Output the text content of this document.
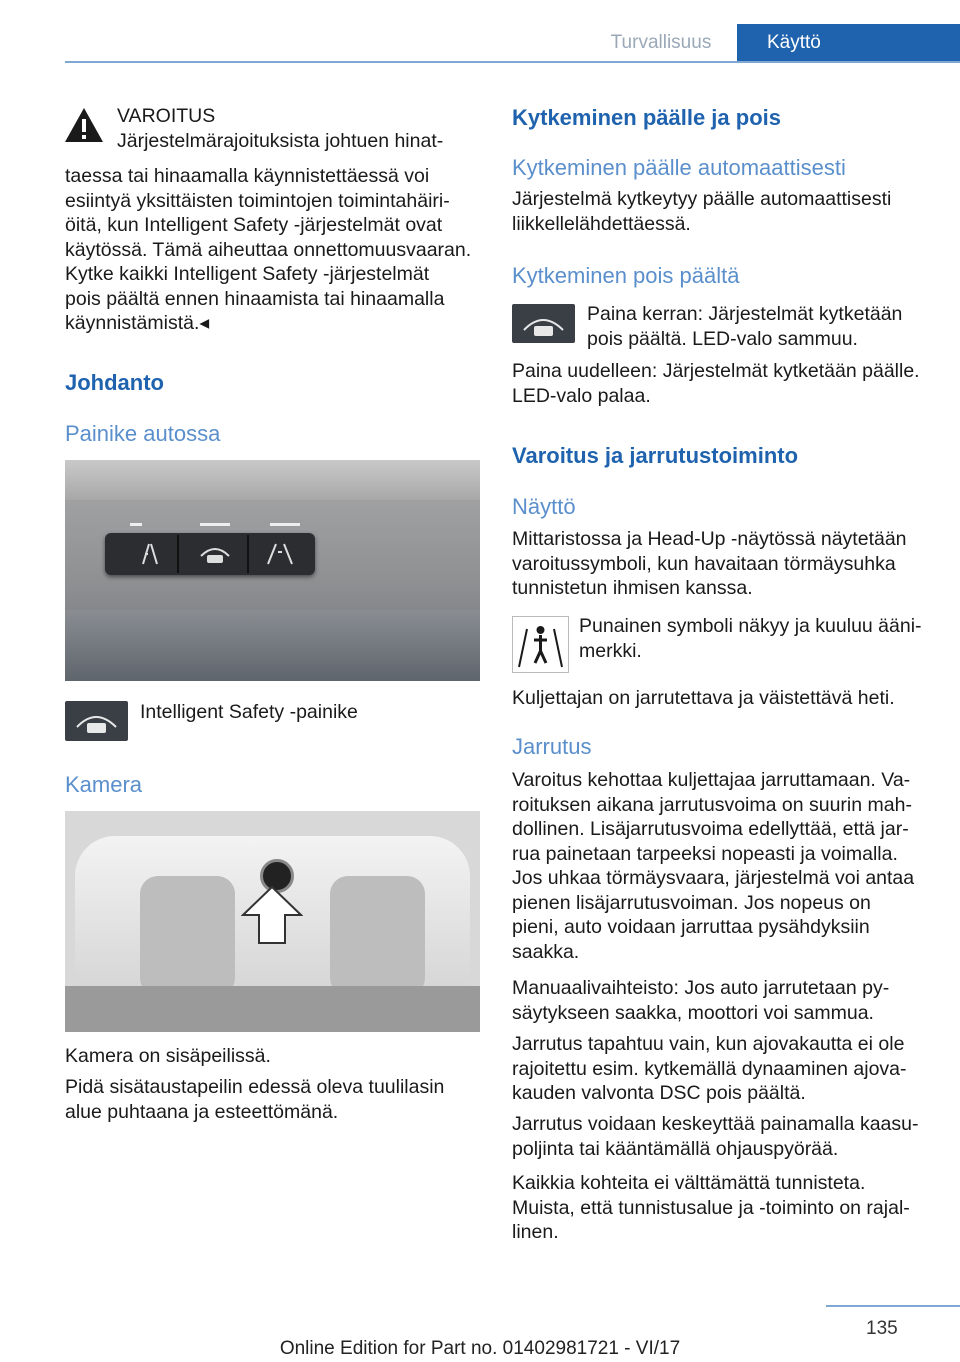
Turvallisuus	Käyttö

VAROITUS

Järjestelmärajoituksista johtuen hinat-

taessa tai hinaamalla käynnistettäessä voi

esiintyä yksittäisten toimintojen toimintahäiri-

öitä, kun Intelligent Safety -järjestelmät ovat

käytössä. Tämä aiheuttaa onnettomuusvaaran.

Kytke kaikki Intelligent Safety -järjestelmät

pois päältä ennen hinaamista tai hinaamalla

käynnistämistä.◂

Johdanto

Painike autossa

Intelligent Safety -painike

Kamera

Kamera on sisäpeilissä.

Pidä sisätaustapeilin edessä oleva tuulilasin

alue puhtaana ja esteettömänä.

Kytkeminen päälle ja pois

Kytkeminen päälle automaattisesti

Järjestelmä kytkeytyy päälle automaattisesti

liikkellelähdettäessä.

Kytkeminen pois päältä

Paina kerran: Järjestelmät kytketään

pois päältä. LED-valo sammuu.

Paina uudelleen: Järjestelmät kytketään päälle.

LED-valo palaa.

Varoitus ja jarrutustoiminto

Näyttö

Mittaristossa ja Head-Up -näytössä näytetään

varoitussymboli, kun havaitaan törmäysuhka

tunnistetun ihmisen kanssa.

Punainen symboli näkyy ja kuuluu ääni-

merkki.

Kuljettajan on jarrutettava ja väistettävä heti.

Jarrutus

Varoitus kehottaa kuljettajaa jarruttamaan. Va-

roituksen aikana jarrutusvoima on suurin mah-

dollinen. Lisäjarrutusvoima edellyttää, että jar-

rua painetaan tarpeeksi nopeasti ja voimalla.

Jos uhkaa törmäysvaara, järjestelmä voi antaa

pienen lisäjarrutusvoiman. Jos nopeus on

pieni, auto voidaan jarruttaa pysähdyksiin

saakka.

Manuaalivaihteisto: Jos auto jarrutetaan py-

säytykseen saakka, moottori voi sammua.

Jarrutus tapahtuu vain, kun ajovakautta ei ole

rajoitettu esim. kytkemällä dynaaminen ajova-

kauden valvonta DSC pois päältä.

Jarrutus voidaan keskeyttää painamalla kaasu-

poljinta tai kääntämällä ohjauspyörää.

Kaikkia kohteita ei välttämättä tunnisteta.

Muista, että tunnistusalue ja -toiminto on rajal-

linen.

135
Online Edition for Part no. 01402981721 - VI/17
